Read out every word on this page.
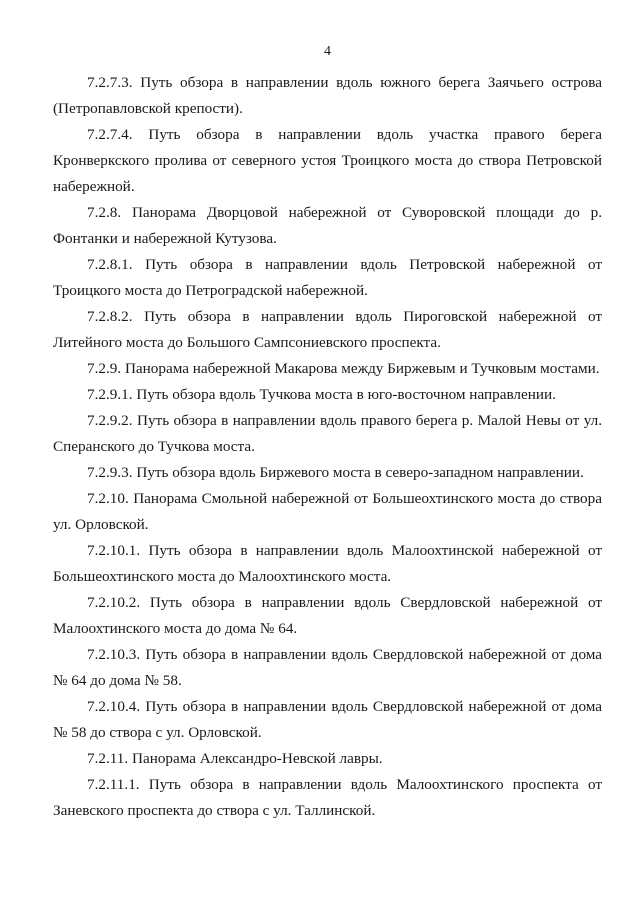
4

7.2.7.3. Путь обзора в направлении вдоль южного берега Заячьего острова (Петропавловской крепости).

7.2.7.4. Путь обзора в направлении вдоль участка правого берега Кронверкского пролива от северного устоя Троицкого моста до створа Петровской набережной.

7.2.8. Панорама Дворцовой набережной от Суворовской площади до р. Фонтанки и набережной Кутузова.

7.2.8.1. Путь обзора в направлении вдоль Петровской набережной от Троицкого моста до Петроградской набережной.

7.2.8.2. Путь обзора в направлении вдоль Пироговской набережной от Литейного моста до Большого Сампсониевского проспекта.

7.2.9. Панорама набережной Макарова между Биржевым и Тучковым мостами.

7.2.9.1. Путь обзора вдоль Тучкова моста в юго-восточном направлении.

7.2.9.2. Путь обзора в направлении вдоль правого берега р. Малой Невы от ул. Сперанского до Тучкова моста.

7.2.9.3. Путь обзора вдоль Биржевого моста в северо-западном направлении.

7.2.10. Панорама Смольной набережной от Большеохтинского моста до створа ул. Орловской.

7.2.10.1. Путь обзора в направлении вдоль Малоохтинской набережной от Большеохтинского моста до Малоохтинского моста.

7.2.10.2. Путь обзора в направлении вдоль Свердловской набережной от Малоохтинского моста до дома № 64.

7.2.10.3. Путь обзора в направлении вдоль Свердловской набережной от дома № 64 до дома № 58.

7.2.10.4. Путь обзора в направлении вдоль Свердловской набережной от дома № 58 до створа с ул. Орловской.

7.2.11. Панорама Александро-Невской лавры.

7.2.11.1. Путь обзора в направлении вдоль Малоохтинского проспекта от Заневского проспекта до створа с ул. Таллинской.
